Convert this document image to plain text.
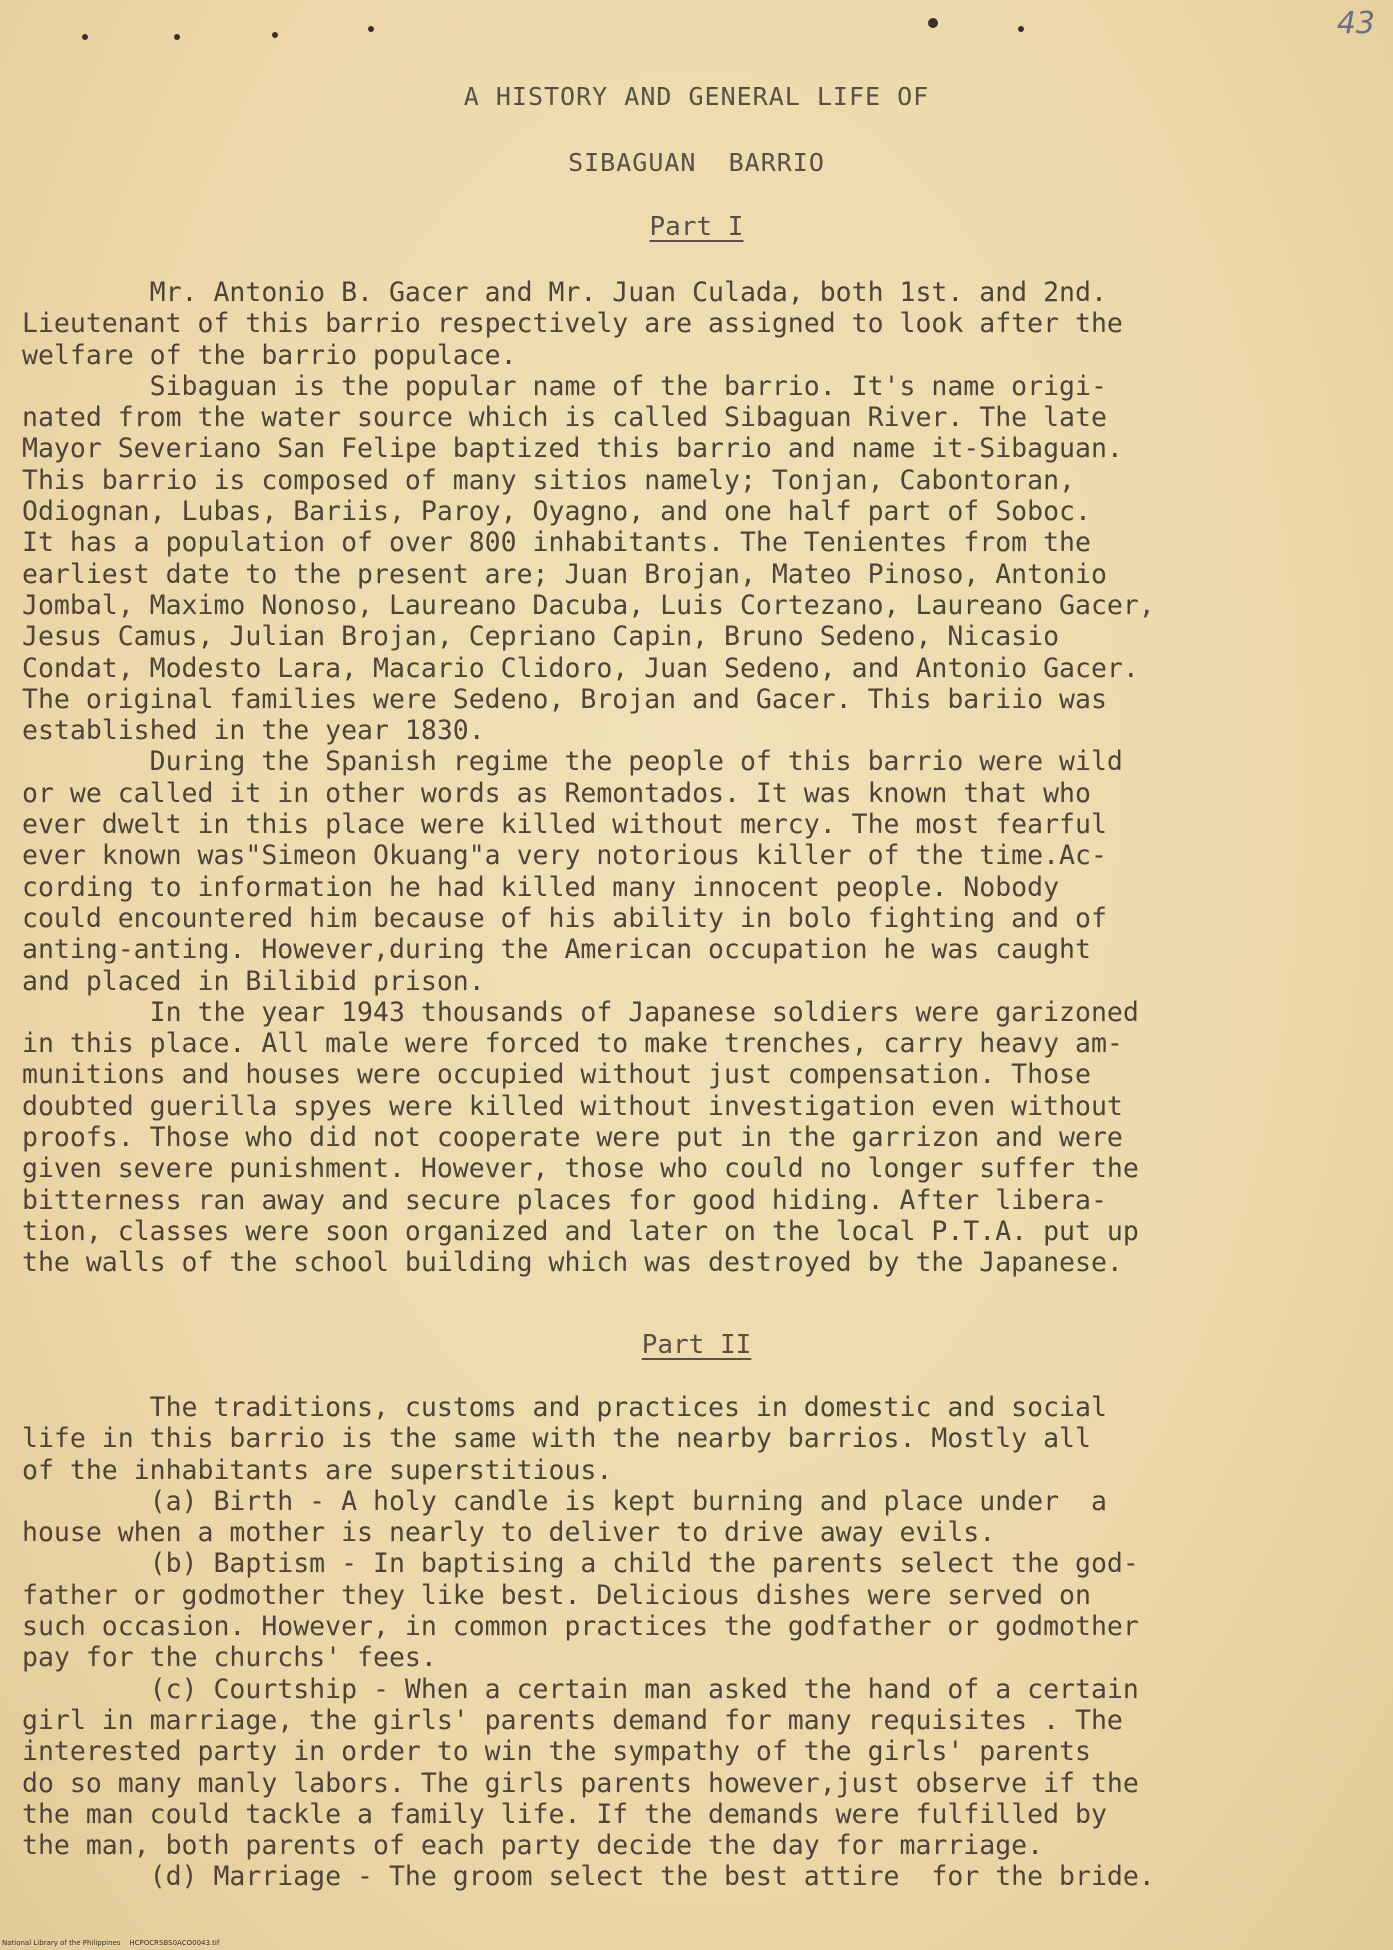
43
A HISTORY AND GENERAL LIFE OF
SIBAGUAN  BARRIO
Part I

Mr. Antonio B. Gacer and Mr. Juan Culada, both 1st. and 2nd.

Lieutenant of this barrio respectively are assigned to look after the

welfare of the barrio populace.

Sibaguan is the popular name of the barrio. It's name origi-

nated from the water source which is called Sibaguan River. The late

Mayor Severiano San Felipe baptized this barrio and name it-Sibaguan.

This barrio is composed of many sitios namely; Tonjan, Cabontoran,

Odiognan, Lubas, Bariis, Paroy, Oyagno, and one half part of Soboc.

It has a population of over 800 inhabitants. The Tenientes from the

earliest date to the present are; Juan Brojan, Mateo Pinoso, Antonio

Jombal, Maximo Nonoso, Laureano Dacuba, Luis Cortezano, Laureano Gacer,

Jesus Camus, Julian Brojan, Cepriano Capin, Bruno Sedeno, Nicasio

Condat, Modesto Lara, Macario Clidoro, Juan Sedeno, and Antonio Gacer.

The original families were Sedeno, Brojan and Gacer. This bariio was

established in the year 1830.

During the Spanish regime the people of this barrio were wild

or we called it in other words as Remontados. It was known that who

ever dwelt in this place were killed without mercy. The most fearful

ever known was"Simeon Okuang"a very notorious killer of the time.Ac-

cording to information he had killed many innocent people. Nobody

could encountered him because of his ability in bolo fighting and of

anting-anting. However,during the American occupation he was caught

and placed in Bilibid prison.

In the year 1943 thousands of Japanese soldiers were garizoned

in this place. All male were forced to make trenches, carry heavy am-

munitions and houses were occupied without just compensation. Those

doubted guerilla spyes were killed without investigation even without

proofs. Those who did not cooperate were put in the garrizon and were

given severe punishment. However, those who could no longer suffer the

bitterness ran away and secure places for good hiding. After libera-

tion, classes were soon organized and later on the local P.T.A. put up

the walls of the school building which was destroyed by the Japanese.

Part II

The traditions, customs and practices in domestic and social

life in this barrio is the same with the nearby barrios. Mostly all

of the inhabitants are superstitious.

(a) Birth - A holy candle is kept burning and place under  a

house when a mother is nearly to deliver to drive away evils.

(b) Baptism - In baptising a child the parents select the god-

father or godmother they like best. Delicious dishes were served on

such occasion. However, in common practices the godfather or godmother

pay for the churchs' fees.

(c) Courtship - When a certain man asked the hand of a certain

girl in marriage, the girls' parents demand for many requisites . The

interested party in order to win the sympathy of the girls' parents

do so many manly labors. The girls parents however,just observe if the

the man could tackle a family life. If the demands were fulfilled by

the man, both parents of each party decide the day for marriage.

(d) Marriage - The groom select the best attire  for the bride.

National Library of the Philippines    HCPOCRSBS0ACO0043.tif
